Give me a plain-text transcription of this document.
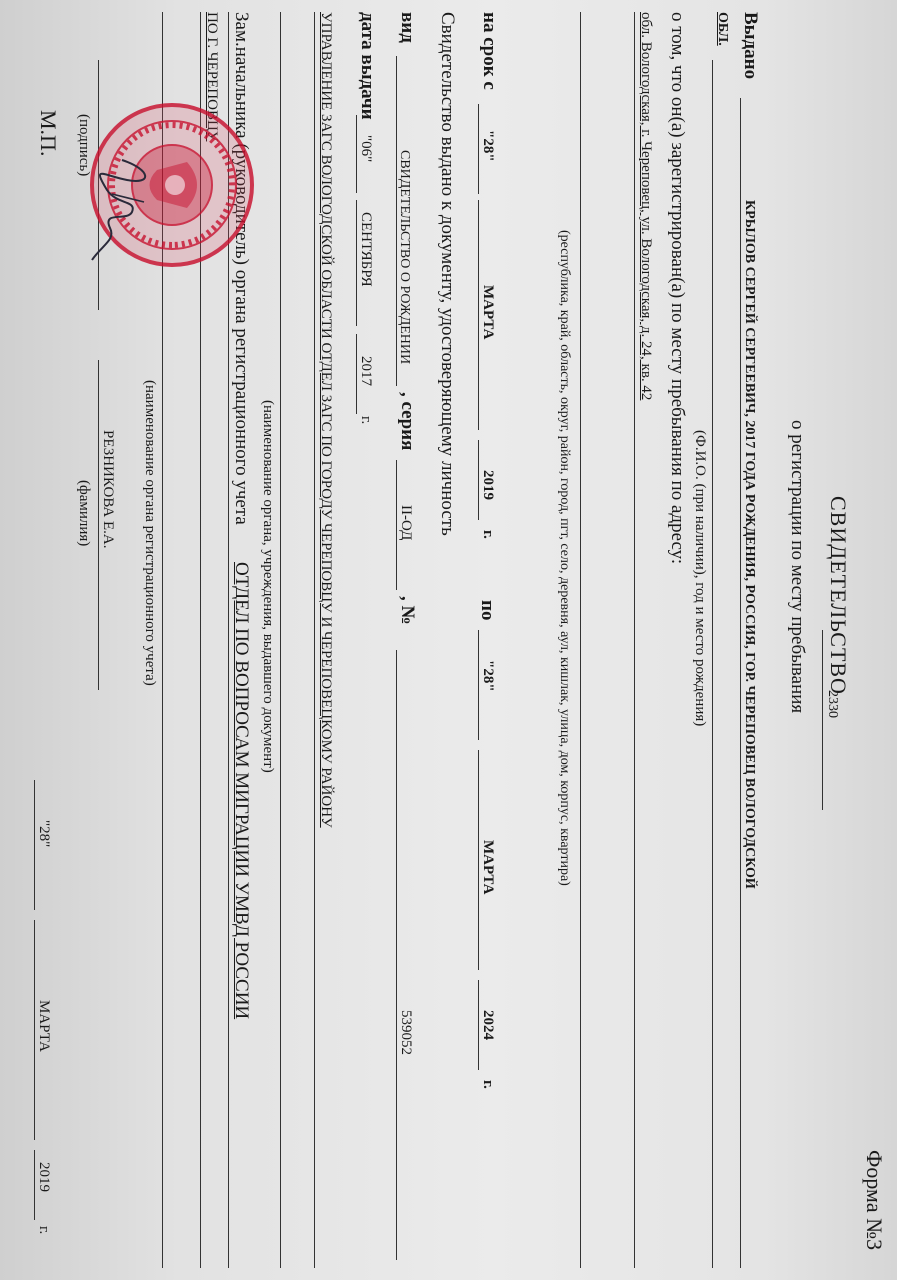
Форма №3
СВИДЕТЕЛЬСТВО
2330
о регистрации по месту пребывания
Выдано
КРЫЛОВ СЕРГЕЙ СЕРГЕЕВИЧ, 2017 ГОДА РОЖДЕНИЯ, РОССИЯ, ГОР. ЧЕРЕПОВЕЦ ВОЛОГОДСКОЙ
ОБЛ.
(Ф.И.О. (при наличии), год и место рождения)
о том, что он(а) зарегистрирован(а) по месту пребывания по адресу:
обл. Вологодская, г. Череповец, ул. Вологодская, д. 24, кв. 42
(республика, край, область, округ, район, город, пгт, село, деревня, аул, кишлак, улица, дом, корпус, квартира)
на срок с
"28"
МАРТА
2019
г.
по
"28"
МАРТА
2024
г.
Свидетельство выдано к документу, удостоверяющему личность
вид
СВИДЕТЕЛЬСТВО О РОЖДЕНИИ
, серия
II-ОД
, №
539052
дата выдачи
"06"
СЕНТЯБРЯ
2017
г.
УПРАВЛЕНИЕ ЗАГС ВОЛОГОДСКОЙ ОБЛАСТИ ОТДЕЛ ЗАГС ПО ГОРОДУ ЧЕРЕПОВЦУ И ЧЕРЕПОВЕЦКОМУ РАЙОНУ
(наименование органа, учреждения, выдавшего документ)
Зам.начальника (руководитель) органа регистрационного учета
ОТДЕЛ ПО ВОПРОСАМ МИГРАЦИИ УМВД РОССИИ
ПО Г. ЧЕРЕПОВЦУ
(наименование органа регистрационного учета)
РЕЗНИКОВА Е.А.
(подпись)
(фамилия)
М.П.
"28"
МАРТА
2019
г.
